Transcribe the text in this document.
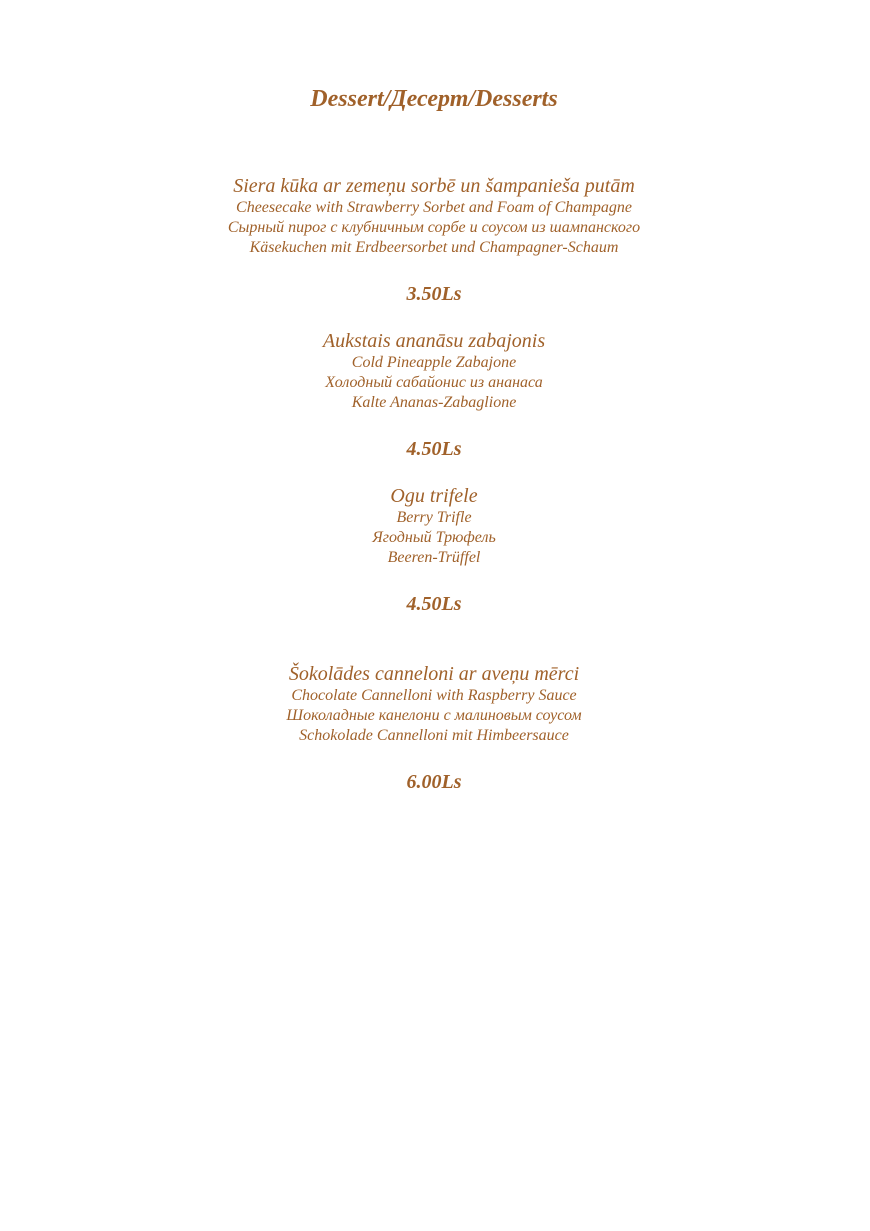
Dessert/Десерт/Desserts
Siera kūka ar zemeņu sorbē un šampanieša putām
Cheesecake with Strawberry Sorbet and Foam of Champagne
Сырный пирог с клубничным сорбе и соусом из шампанского
Käsekuchen mit Erdbeersorbet und Champagner-Schaum
3.50Ls
Aukstais ananāsu zabajonis
Cold Pineapple Zabajone
Холодный сабайонис из ананаса
Kalte Ananas-Zabaglione
4.50Ls
Ogu trifele
Berry Trifle
Ягодный Трюфель
Beeren-Trüffel
4.50Ls
Šokolādes canneloni ar aveņu mērci
Chocolate Cannelloni with Raspberry Sauce
Шоколадные канелони с малиновым соусом
Schokolade Cannelloni mit Himbeersauce
6.00Ls
